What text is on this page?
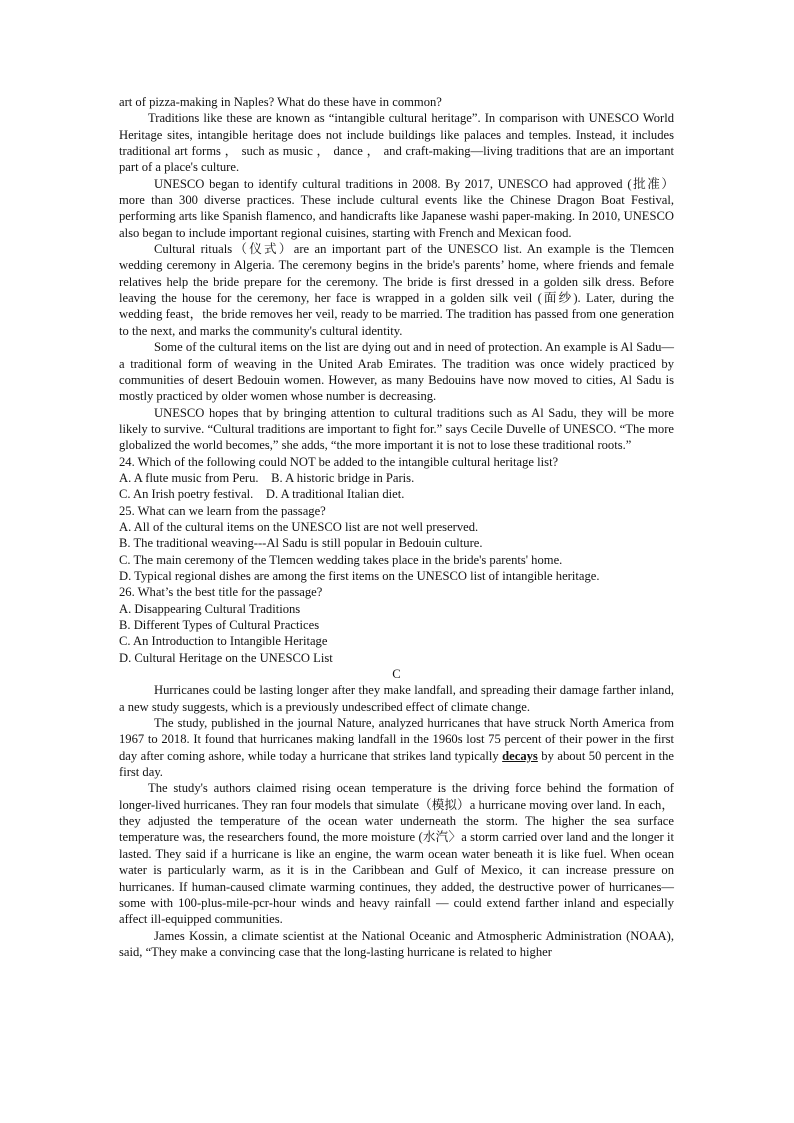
art of pizza-making in Naples? What do these have in common?

Traditions like these are known as “intangible cultural heritage”. In comparison with UNESCO World Heritage sites, intangible heritage does not include buildings like palaces and temples. Instead, it includes traditional art forms ， such as music ， dance ， and craft-making—living traditions that are an important part of a place's culture.

UNESCO began to identify cultural traditions in 2008. By 2017, UNESCO had approved (批准）more than 300 diverse practices. These include cultural events like the Chinese Dragon Boat Festival, performing arts like Spanish flamenco, and handicrafts like Japanese washi paper-making. In 2010, UNESCO also began to include important regional cuisines, starting with French and Mexican food.

Cultural rituals（仪式）are an important part of the UNESCO list. An example is the Tlemcen wedding ceremony in Algeria. The ceremony begins in the bride's parents’ home, where friends and female relatives help the bride prepare for the ceremony. The bride is first dressed in a golden silk dress. Before leaving the house for the ceremony, her face is wrapped in a golden silk veil (面纱). Later, during the wedding feast，the bride removes her veil, ready to be married. The tradition has passed from one generation to the next, and marks the community's cultural identity.

Some of the cultural items on the list are dying out and in need of protection. An example is Al Sadu—a traditional form of weaving in the United Arab Emirates. The tradition was once widely practiced by communities of desert Bedouin women. However, as many Bedouins have now moved to cities, Al Sadu is mostly practiced by older women whose number is decreasing.

UNESCO hopes that by bringing attention to cultural traditions such as Al Sadu, they will be more likely to survive. “Cultural traditions are important to fight for.” says Cecile Duvelle of UNESCO. “The more globalized the world becomes,” she adds, “the more important it is not to lose these traditional roots.”

24. Which of the following could NOT be added to the intangible cultural heritage list?

A. A flute music from Peru.    B. A historic bridge in Paris.

C. An Irish poetry festival.    D. A traditional Italian diet.

25. What can we learn from the passage?

A. All of the cultural items on the UNESCO list are not well preserved.

B. The traditional weaving---Al Sadu is still popular in Bedouin culture.

C. The main ceremony of the Tlemcen wedding takes place in the bride's parents' home.

D. Typical regional dishes are among the first items on the UNESCO list of intangible heritage.

26. What’s the best title for the passage?

A. Disappearing Cultural Traditions

B. Different Types of Cultural Practices

C. An Introduction to Intangible Heritage

D. Cultural Heritage on the UNESCO List

C

Hurricanes could be lasting longer after they make landfall, and spreading their damage farther inland, a new study suggests, which is a previously undescribed effect of climate change.

The study, published in the journal Nature, analyzed hurricanes that have struck North America from 1967 to 2018. It found that hurricanes making landfall in the 1960s lost 75 percent of their power in the first day after coming ashore, while today a hurricane that strikes land typically decays by about 50 percent in the first day.

The study's authors claimed rising ocean temperature is the driving force behind the formation of longer-lived hurricanes. They ran four models that simulate（模拟）a hurricane moving over land. In each， they adjusted the temperature of the ocean water underneath the storm. The higher the sea surface temperature was, the researchers found, the more moisture (水汽〉a storm carried over land and the longer it lasted. They said if a hurricane is like an engine, the warm ocean water beneath it is like fuel. When ocean water is particularly warm, as it is in the Caribbean and Gulf of Mexico, it can increase pressure on hurricanes. If human-caused climate warming continues, they added, the destructive power of hurricanes—some with 100-plus-mile-pcr-hour winds and heavy rainfall — could extend farther inland and especially affect ill-equipped communities.

James Kossin, a climate scientist at the National Oceanic and Atmospheric Administration (NOAA), said, “They make a convincing case that the long-lasting hurricane is related to higher
